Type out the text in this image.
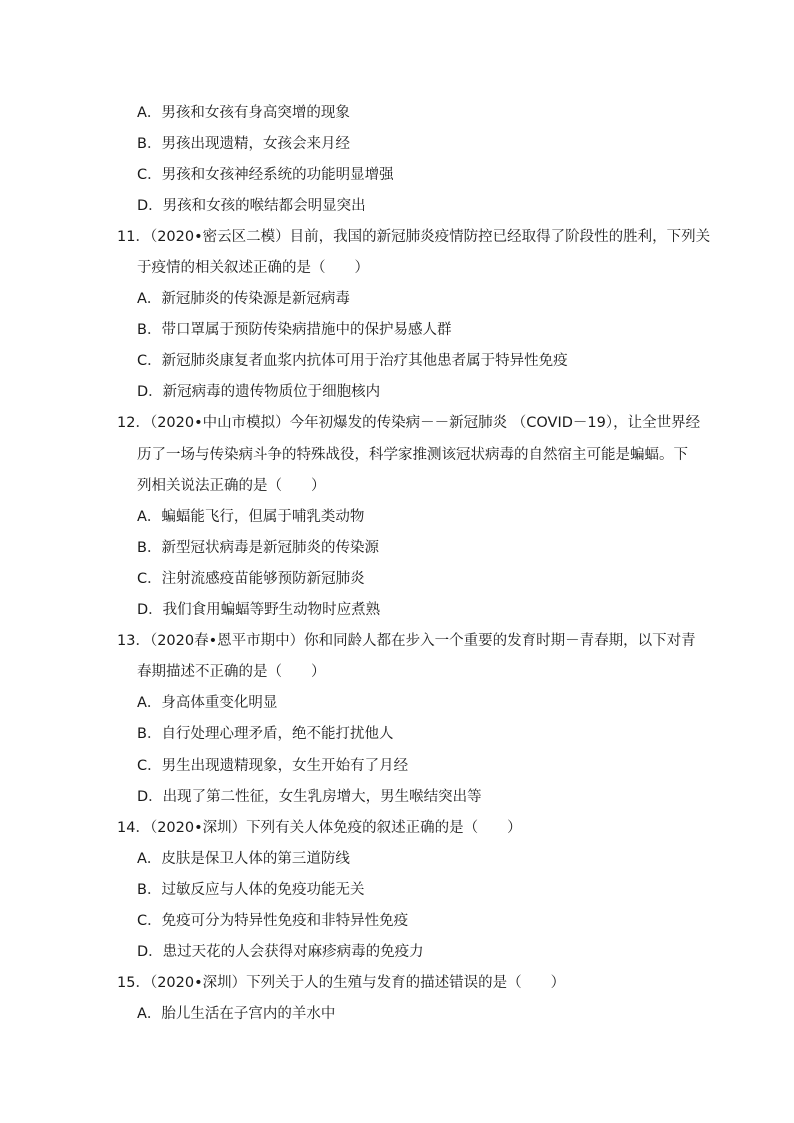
A．男孩和女孩有身高突增的现象
B．男孩出现遗精，女孩会来月经
C．男孩和女孩神经系统的功能明显增强
D．男孩和女孩的喉结都会明显突出
11．（2020•密云区二模）目前，我国的新冠肺炎疫情防控已经取得了阶段性的胜利，下列关
于疫情的相关叙述正确的是（　　）
A．新冠肺炎的传染源是新冠病毒
B．带口罩属于预防传染病措施中的保护易感人群
C．新冠肺炎康复者血浆内抗体可用于治疗其他患者属于特异性免疫
D．新冠病毒的遗传物质位于细胞核内
12．（2020•中山市模拟）今年初爆发的传染病－－新冠肺炎 （COVID－19），让全世界经
历了一场与传染病斗争的特殊战役，科学家推测该冠状病毒的自然宿主可能是蝙蝠。下
列相关说法正确的是（　　）
A．蝙蝠能飞行，但属于哺乳类动物
B．新型冠状病毒是新冠肺炎的传染源
C．注射流感疫苗能够预防新冠肺炎
D．我们食用蝙蝠等野生动物时应煮熟
13．（2020春•恩平市期中）你和同龄人都在步入一个重要的发育时期－青春期，以下对青
春期描述不正确的是（　　）
A．身高体重变化明显
B．自行处理心理矛盾，绝不能打扰他人
C．男生出现遗精现象，女生开始有了月经
D．出现了第二性征，女生乳房增大，男生喉结突出等
14．（2020•深圳）下列有关人体免疫的叙述正确的是（　　）
A．皮肤是保卫人体的第三道防线
B．过敏反应与人体的免疫功能无关
C．免疫可分为特异性免疫和非特异性免疫
D．患过天花的人会获得对麻疹病毒的免疫力
15．（2020•深圳）下列关于人的生殖与发育的描述错误的是（　　）
A．胎儿生活在子宫内的羊水中
